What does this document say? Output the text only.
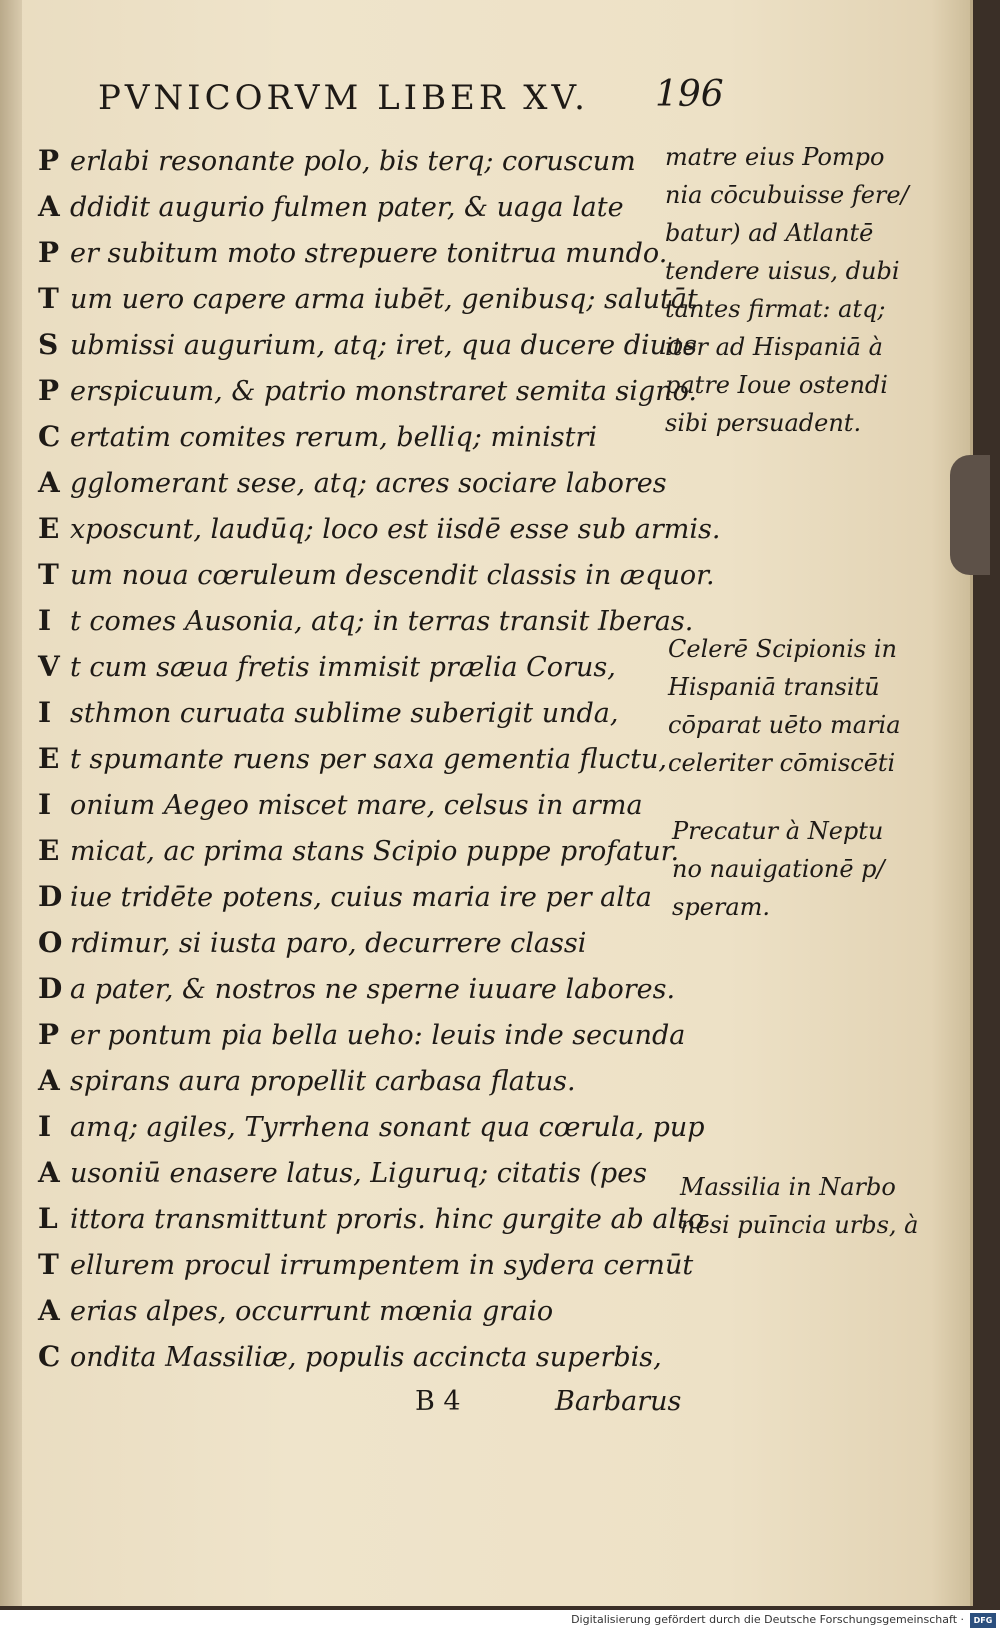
PVNICORVM LIBER XV. 196
P erlabi resonante polo, bis terq; coruscum
A ddidit augurio fulmen pater, & uaga late
P er subitum moto strepuere tonitrua mundo.
T um uero capere arma iubēt, genibusq; salutāt
S ubmissi augurium, atq; iret, qua ducere diuos
P erspicuum, & patrio monstraret semita signo.
C ertatim comites rerum, belliq; ministri
A gglomerant sese, atq; acres sociare labores
E xposcunt, laudūq; loco est iisdē esse sub armis.
T um noua cœruleum descendit classis in æquor.
I t comes Ausonia, atq; in terras transit Iberas.
V t cum sæua fretis immisit prælia Corus,
I sthmon curuata sublime suberigit unda,
E t spumante ruens per saxa gementia fluctu,
I onium Aegeo miscet mare, celsus in arma
E micat, ac prima stans Scipio puppe profatur.
D iue tridēte potens, cuius maria ire per alta
O rdimur, si iusta paro, decurrere classi
D a pater, & nostros ne sperne iuuare labores.
P er pontum pia bella ueho: leuis inde secunda
A spirans aura propellit carbasa flatus.
I amq; agiles, Tyrrhena sonant qua cœrula, pup
A usoniū enasere latus, Liguruq; citatis (pes
L ittora transmittunt proris. hinc gurgite ab alto
T ellurem procul irrumpentem in sydera cernūt
A erias alpes, occurrunt mœnia graio
C ondita Massiliæ, populis accincta superbis,
matre eius Pompo
nia cōcubuisse fere/
batur) ad Atlantē
tendere uisus, dubi
tantes firmat: atq;
iter ad Hispaniā à
patre Ioue ostendi
sibi persuadent.
Celerē Scipionis in
Hispaniā transitū
cōparat uēto maria
celeriter cōmiscēti
Precatur à Neptu
no nauigationē p/
speram.
Massilia in Narbo
nēsi puīncia urbs, à
B 4	Barbarus
Digitalisierung gefördert durch die Deutsche Forschungsgemeinschaft ·	DFG
